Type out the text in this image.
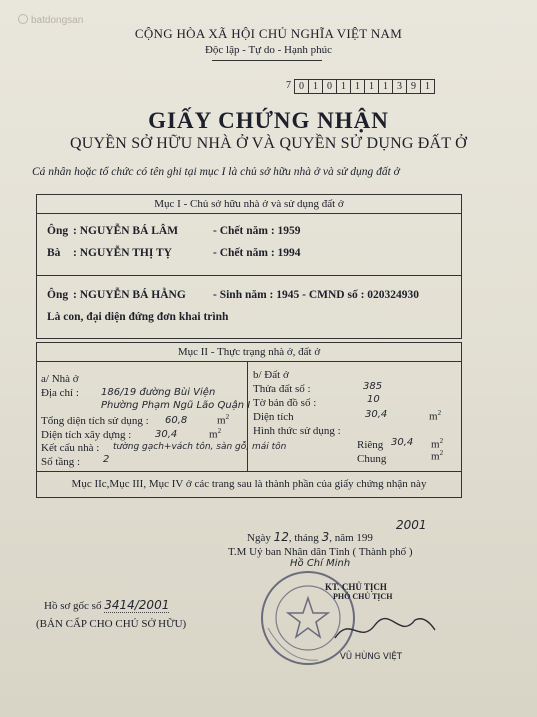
batdongsan
CỘNG HÒA XÃ HỘI CHỦ NGHĨA VIỆT NAM
Độc lập - Tự do - Hạnh phúc
7 0 1 0 1 1 1 1 3 9 1
GIẤY CHỨNG NHẬN
QUYỀN SỞ HỮU NHÀ Ở VÀ QUYỀN SỬ DỤNG ĐẤT Ở
Cá nhân hoặc tổ chức có tên ghi tại mục I là chủ sở hữu nhà ở và sử dụng đất ở
Mục I - Chủ sở hữu nhà ở và sử dụng đất ở
Ông : NGUYỄN BÁ LÂM	- Chết năm : 1959
Bà : NGUYỄN THỊ TỴ	- Chết năm : 1994
Ông : NGUYỄN BÁ HẰNG - Sinh năm : 1945 - CMND số : 020324930
Là con, đại diện đứng đơn khai trình
Mục II - Thực trạng nhà ở, đất ở
a/ Nhà ở
Địa chỉ : 186/19 đường Bùi Viện
Phường Phạm Ngũ Lão Quận I
Tổng diện tích sử dụng : 60,8	$m^2$
Diện tích xây dựng : 30,4	$m^2$
Kết cấu nhà : tường gạch+vách tôn, sàn gỗ, mái tôn
Số tầng : 2
b/ Đất ở
Thửa đất số :	385
Tờ bản đồ số :	10
Diện tích	30,4	$m^2$
Hình thức sử dụng :
Riêng 30,4 $m^2$
Chung	$m^2$
Mục IIc,Mục III, Mục IV ở các trang sau là thành phần của giấy chứng nhận này
2001
Ngày 12, tháng 3, năm 199
T.M Uỷ ban Nhân dân Tỉnh ( Thành phố )
Hồ Chí Minh
KT. CHỦ TỊCH
PHÓ CHỦ TỊCH
VŨ HÙNG VIỆT
Hồ sơ gốc số 3414/2001
(BẢN CẤP CHO CHỦ SỞ HỮU)
